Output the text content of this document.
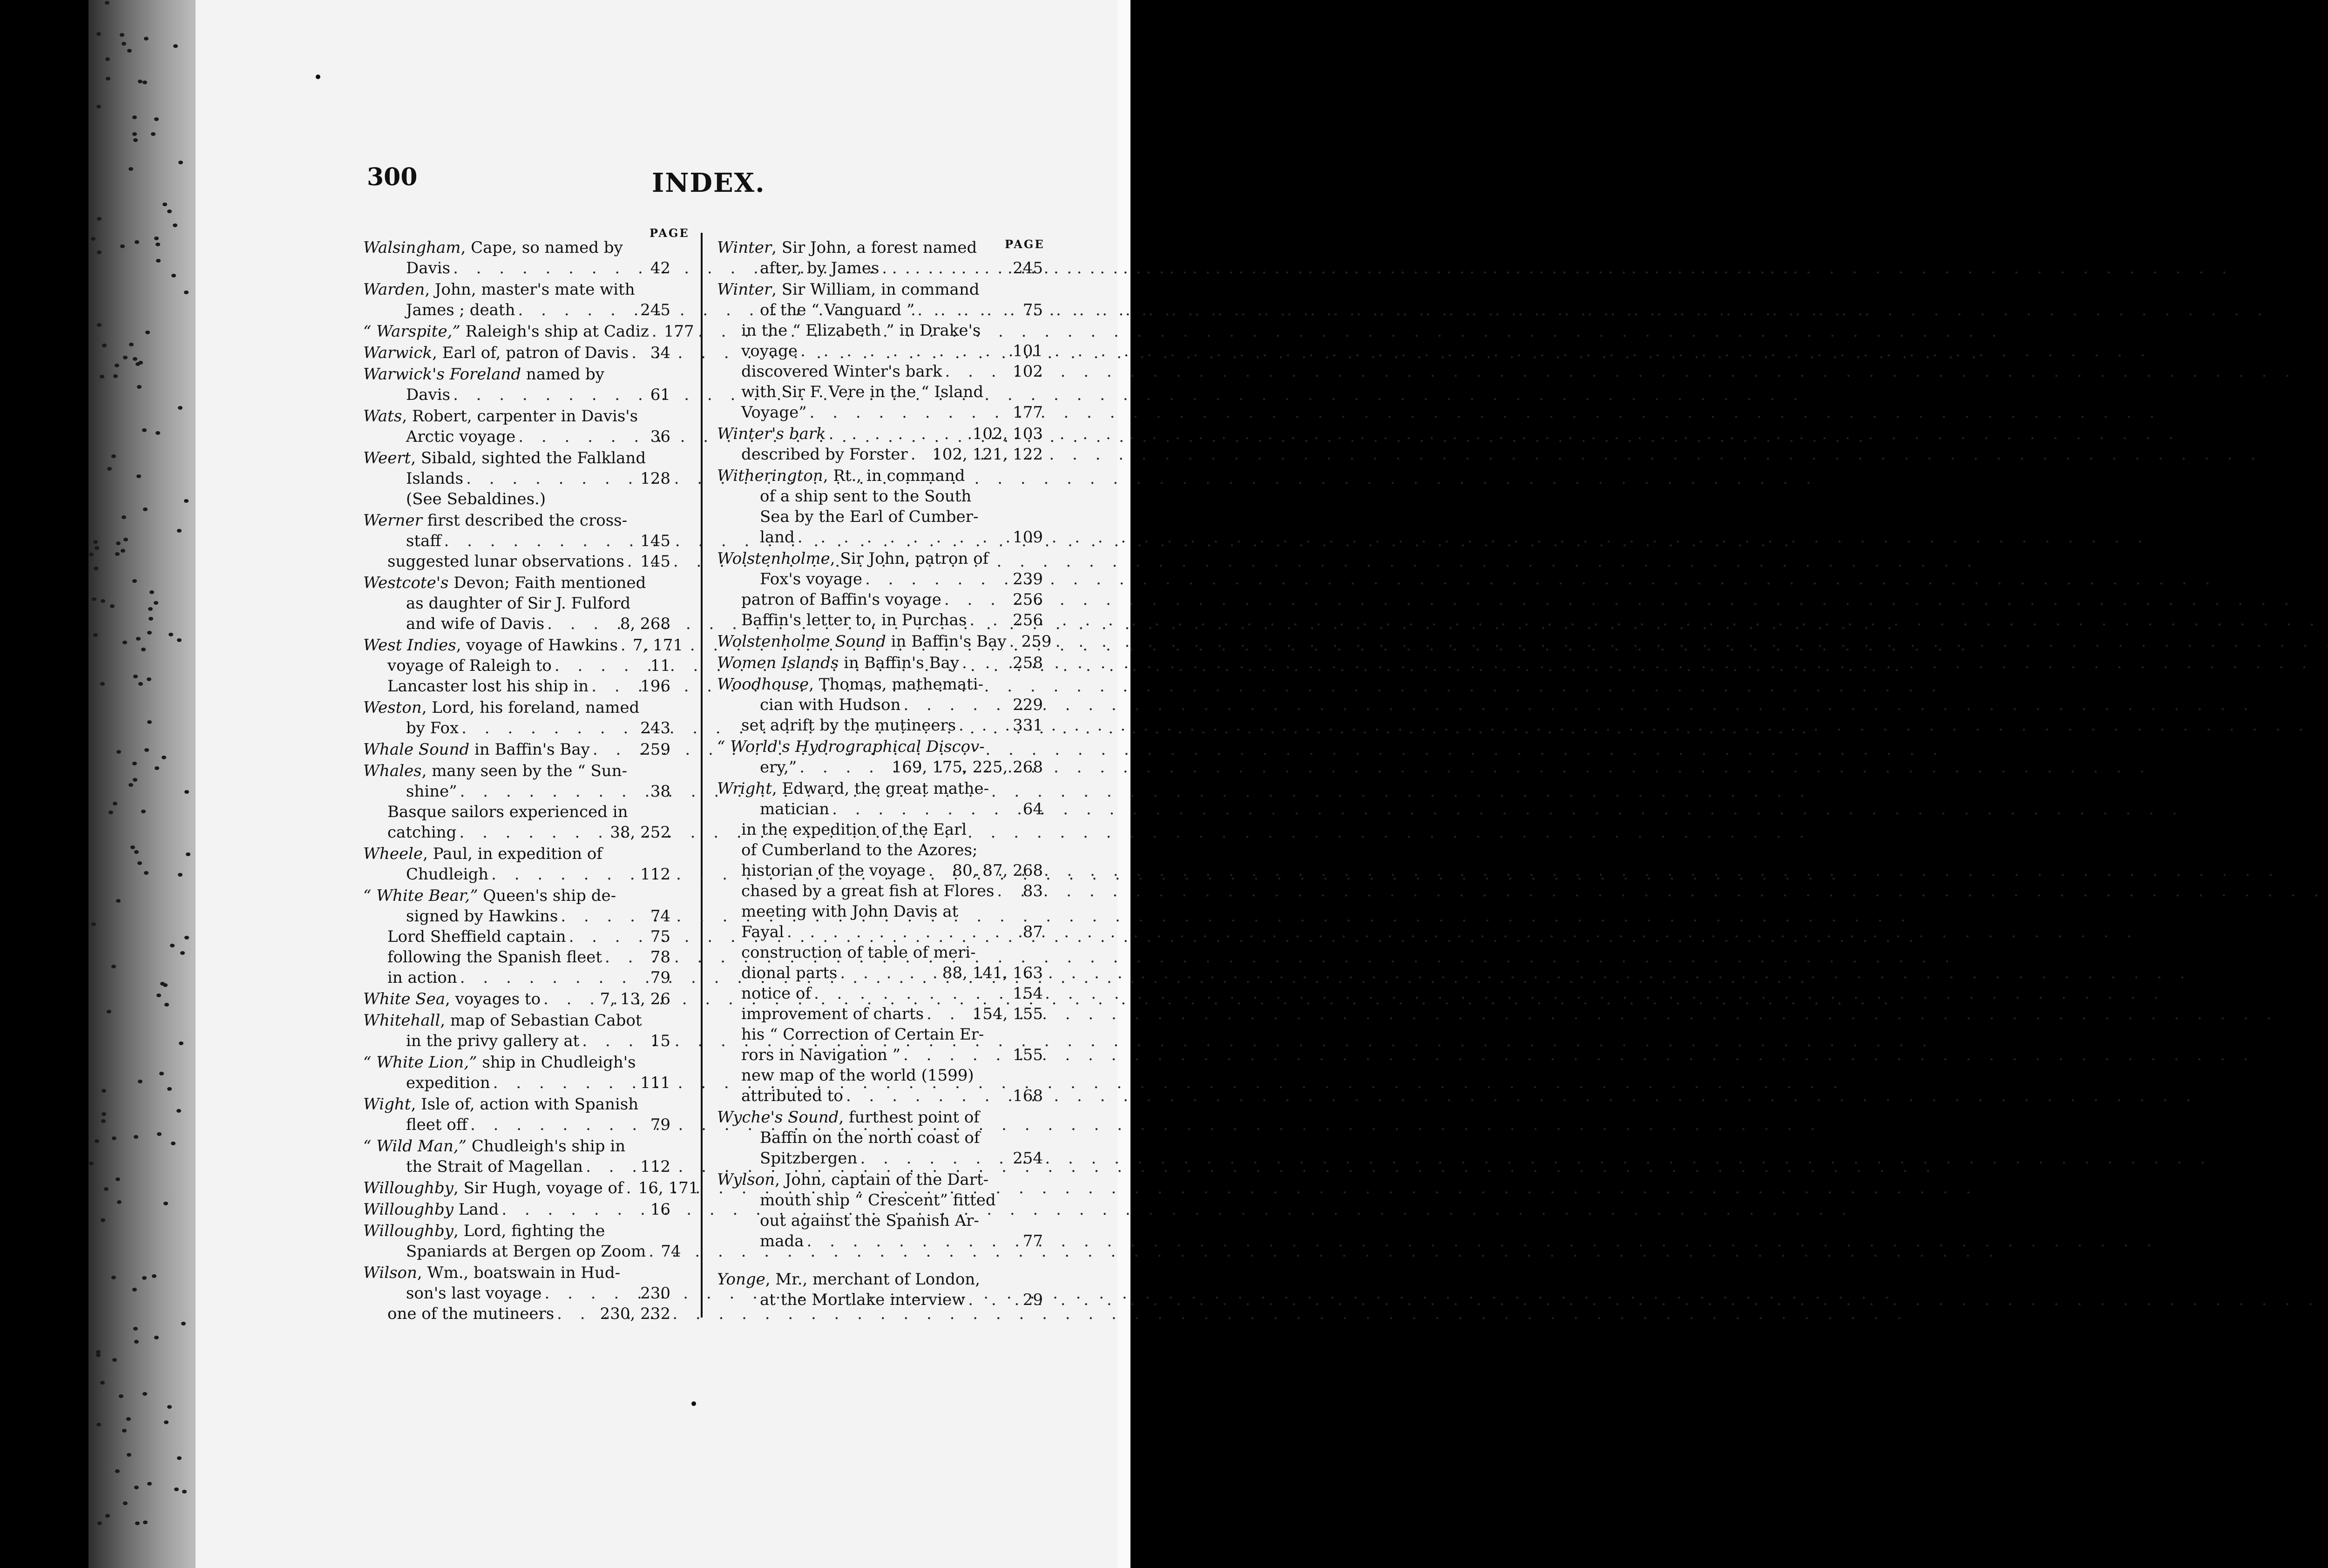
300	INDEX.
PAGE
PAGE
Walsingham, Cape, so named by
Davis . . .	42
Warden, John, master's mate with
James ; death . . .	245
“ Warspite,” Raleigh's ship at Cadiz . . . 177
Warwick, Earl of, patron of Davis . . . 34
Warwick's Foreland named by
Davis . . .	61
Wats, Robert, carpenter in Davis's
Arctic voyage . . .	36
Weert, Sibald, sighted the Falkland
Islands . . .	128
(See Sebaldines.)
Werner first described the cross-
staff . . .	145
suggested lunar observations . . . 145
Westcote's Devon; Faith mentioned
as daughter of Sir J. Fulford
and wife of Davis . . .	8, 268
West Indies, voyage of Hawkins . . . 7, 171
voyage of Raleigh to . . .	11
Lancaster lost his ship in . . .	196
Weston, Lord, his foreland, named
by Fox . . .	243
Whale Sound in Baffin's Bay . . .	259
Whales, many seen by the “ Sun-
shine” . . .	38
Basque sailors experienced in
catching . . .	38, 252
Wheele, Paul, in expedition of
Chudleigh . . .	112
“ White Bear,” Queen's ship de-
signed by Hawkins . . .	74
Lord Sheffield captain . . .	75
following the Spanish fleet . . .	78
in action . . .	79
White Sea, voyages to . . .	7, 13, 26
Whitehall, map of Sebastian Cabot
in the privy gallery at . . .	15
“ White Lion,” ship in Chudleigh's
expedition . . .	111
Wight, Isle of, action with Spanish
fleet off . . .	79
“ Wild Man,” Chudleigh's ship in
the Strait of Magellan . . .	112
Willoughby, Sir Hugh, voyage of . . . 16, 171
Willoughby Land . . .	16
Willoughby, Lord, fighting the
Spaniards at Bergen op Zoom . . . 74
Wilson, Wm., boatswain in Hud-
son's last voyage . . .	230
one of the mutineers . . .	230, 232
Winter, Sir John, a forest named
after, by James . . .	245
Winter, Sir William, in command
of the “ Vanguard ” . . .	75
in the “ Elizabeth ” in Drake's
voyage . . .	101
discovered Winter's bark . . .	102
with Sir F. Vere in the “ Island
Voyage” . . .	177
Winter's bark . . .	102, 103
described by Forster . . . 102, 121, 122
Witherington, Rt., in command
of a ship sent to the South
Sea by the Earl of Cumber-
land . . .	109
Wolstenholme, Sir John, patron of
Fox's voyage . . .	239
patron of Baffin's voyage . . .	256
Baffin's letter to, in Purchas . . .	256
Wolstenholme Sound in Baffin's Bay . . . 259
Women Islands in Baffin's Bay . . .	258
Woodhouse, Thomas, mathemati-
cian with Hudson . . .	229
set adrift by the mutineers . . .	331
“ World's Hydrographical Discov-
ery,” . . .	169, 175, 225, 268
Wright, Edward, the great mathe-
matician . . .	64
in the expedition of the Earl
of Cumberland to the Azores;
historian of the voyage . . . 80, 87, 268
chased by a great fish at Flores . . . 83
meeting with John Davis at
Fayal . . .	87
construction of table of meri-
dional parts . . .	88, 141, 163
notice of . . .	154
improvement of charts . . .	154, 155
his “ Correction of Certain Er-
rors in Navigation ” . . .	155
new map of the world (1599)
attributed to . . .	168
Wyche's Sound, furthest point of
Baffin on the north coast of
Spitzbergen . . .	254
Wylson, John, captain of the Dart-
mouth ship “ Crescent” fitted
out against the Spanish Ar-
mada . . .	77
Yonge, Mr., merchant of London,
at the Mortlake interview . . .	29
